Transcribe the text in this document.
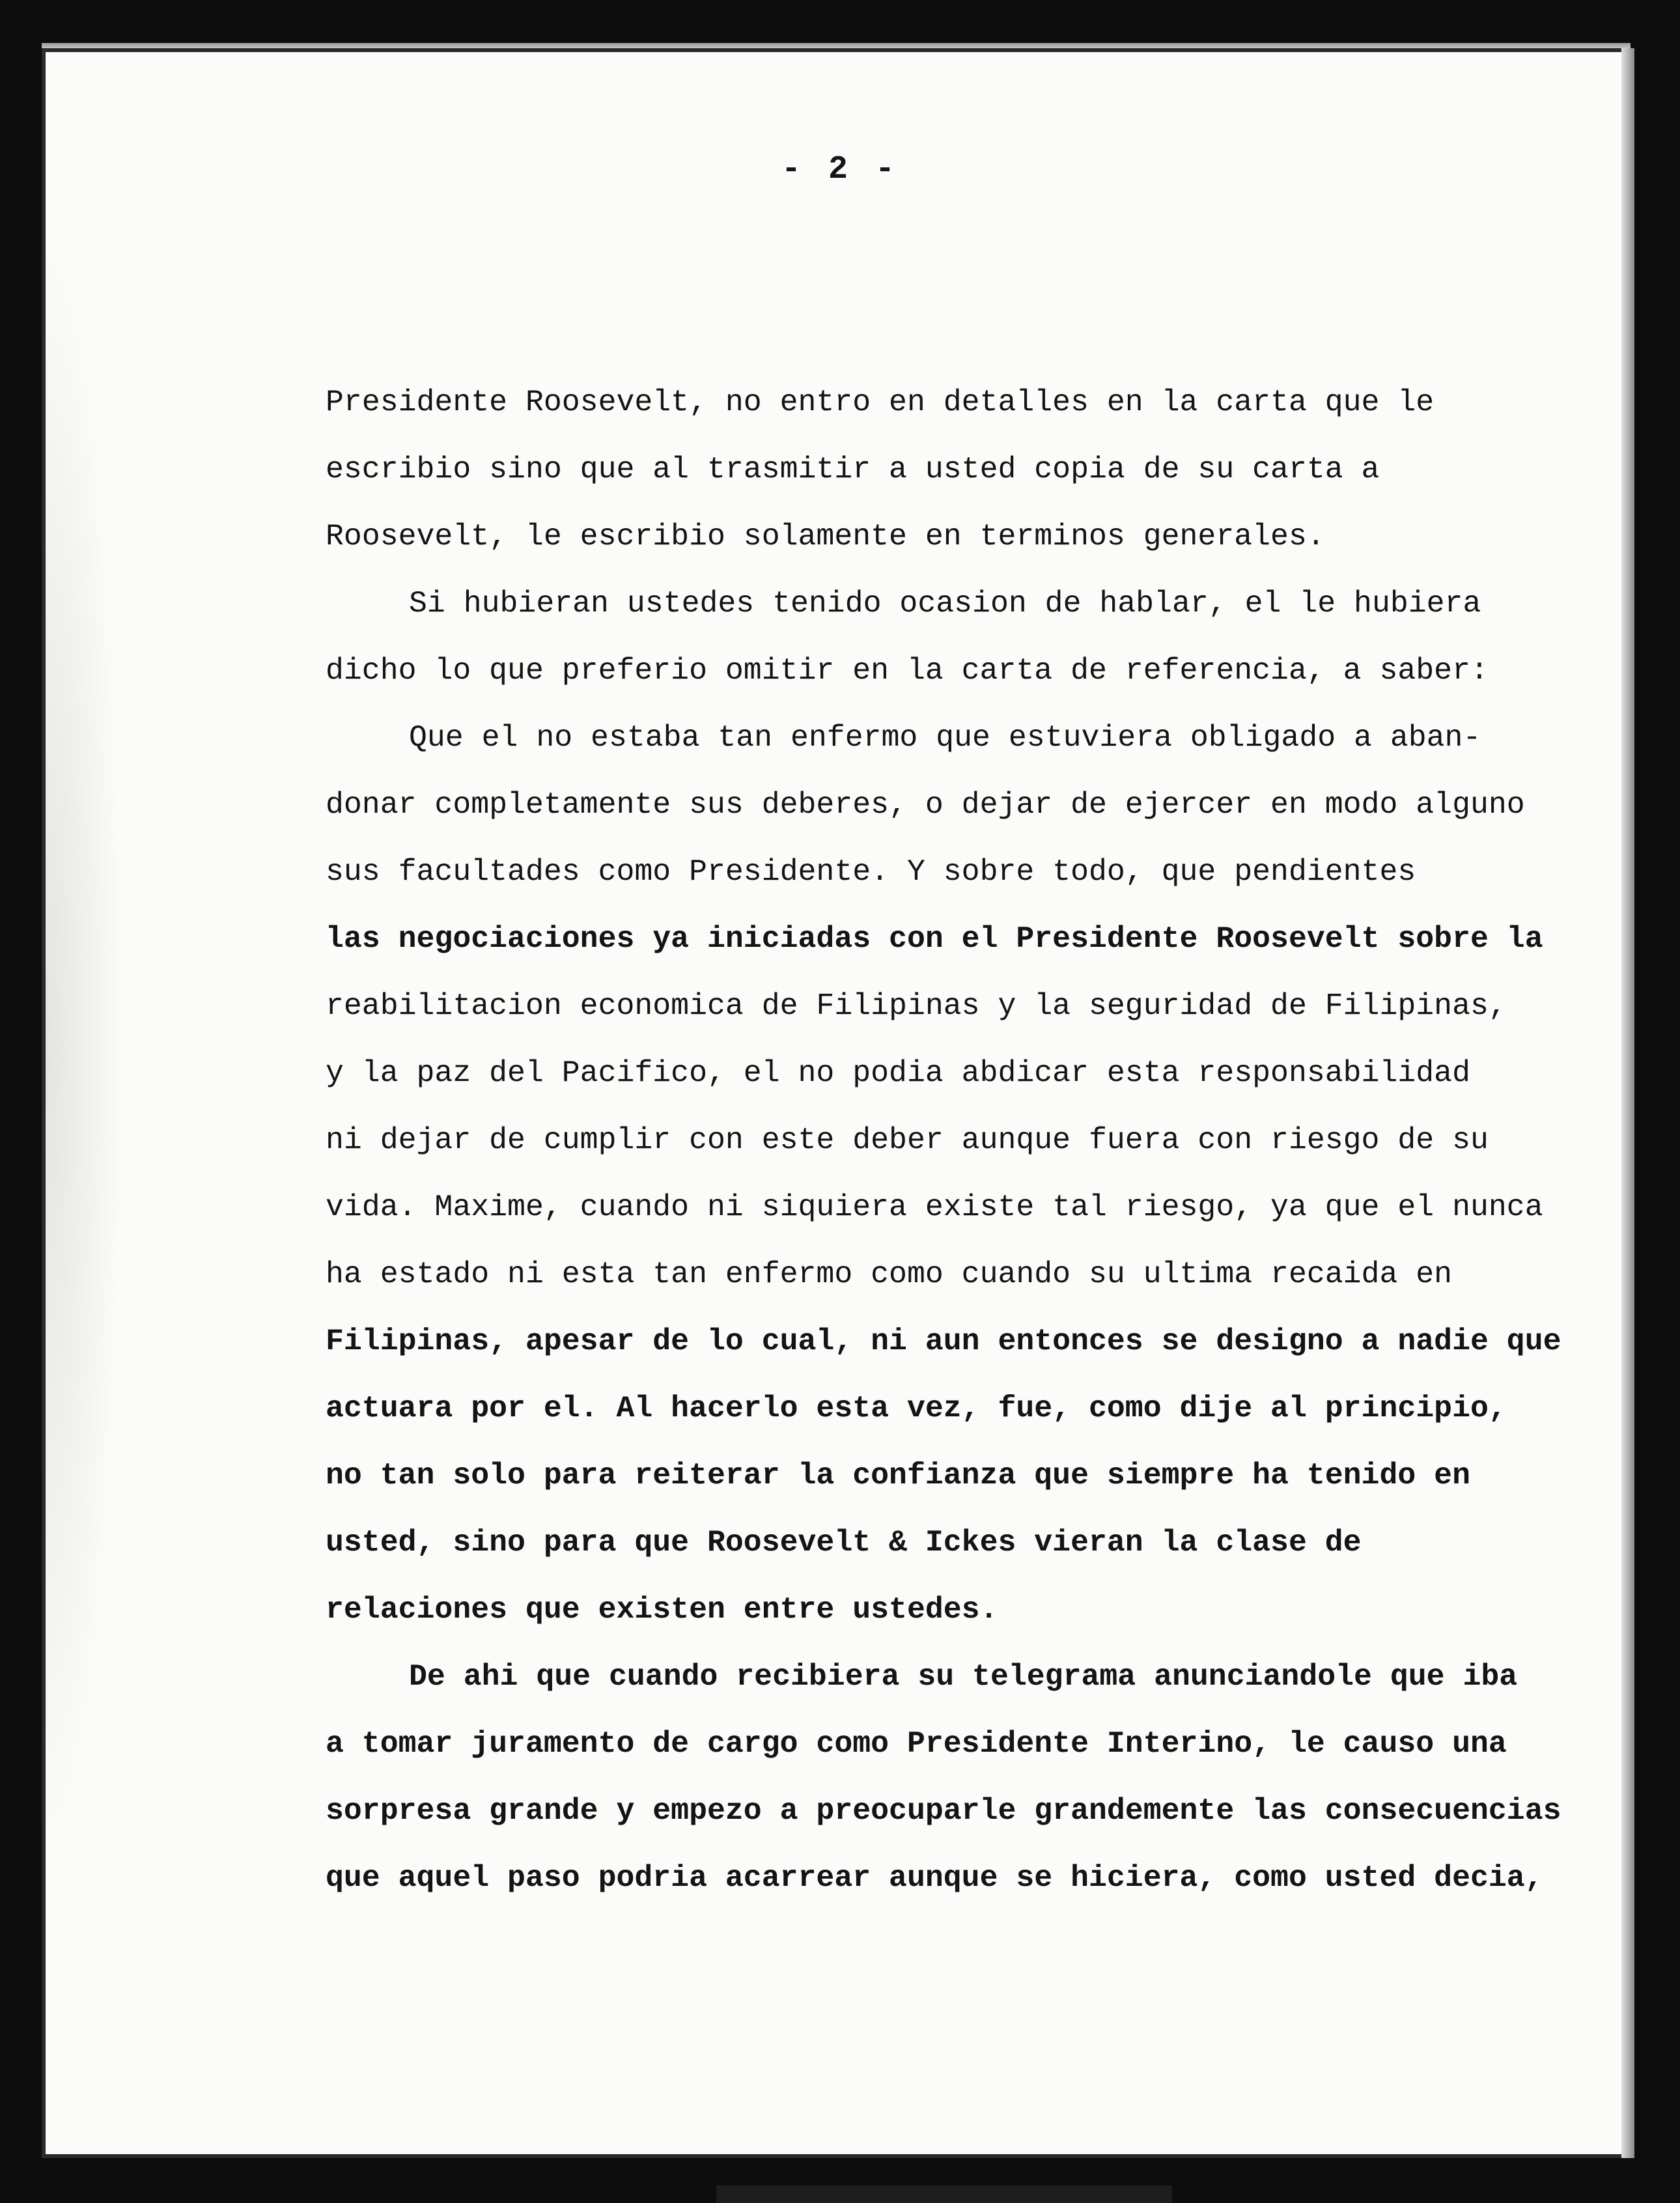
- 2 -
Presidente Roosevelt, no entro en detalles en la carta que le
escribio sino que al trasmitir a usted copia de su carta a
Roosevelt, le escribio solamente en terminos generales.
Si hubieran ustedes tenido ocasion de hablar, el le hubiera
dicho lo que preferio omitir en la carta de referencia, a saber:
Que el no estaba tan enfermo que estuviera obligado a aban-
donar completamente sus deberes, o dejar de ejercer en modo alguno
sus facultades como Presidente. Y sobre todo, que pendientes
las negociaciones ya iniciadas con el Presidente Roosevelt sobre la
reabilitacion economica de Filipinas y la seguridad de Filipinas,
y la paz del Pacifico, el no podia abdicar esta responsabilidad
ni dejar de cumplir con este deber aunque fuera con riesgo de su
vida. Maxime, cuando ni siquiera existe tal riesgo, ya que el nunca
ha estado ni esta tan enfermo como cuando su ultima recaida en
Filipinas, apesar de lo cual, ni aun entonces se designo a nadie que
actuara por el. Al hacerlo esta vez, fue, como dije al principio,
no tan solo para reiterar la confianza que siempre ha tenido en
usted, sino para que Roosevelt & Ickes vieran la clase de
relaciones que existen entre ustedes.
De ahi que cuando recibiera su telegrama anunciandole que iba
a tomar juramento de cargo como Presidente Interino, le causo una
sorpresa grande y empezo a preocuparle grandemente las consecuencias
que aquel paso podria acarrear aunque se hiciera, como usted decia,
